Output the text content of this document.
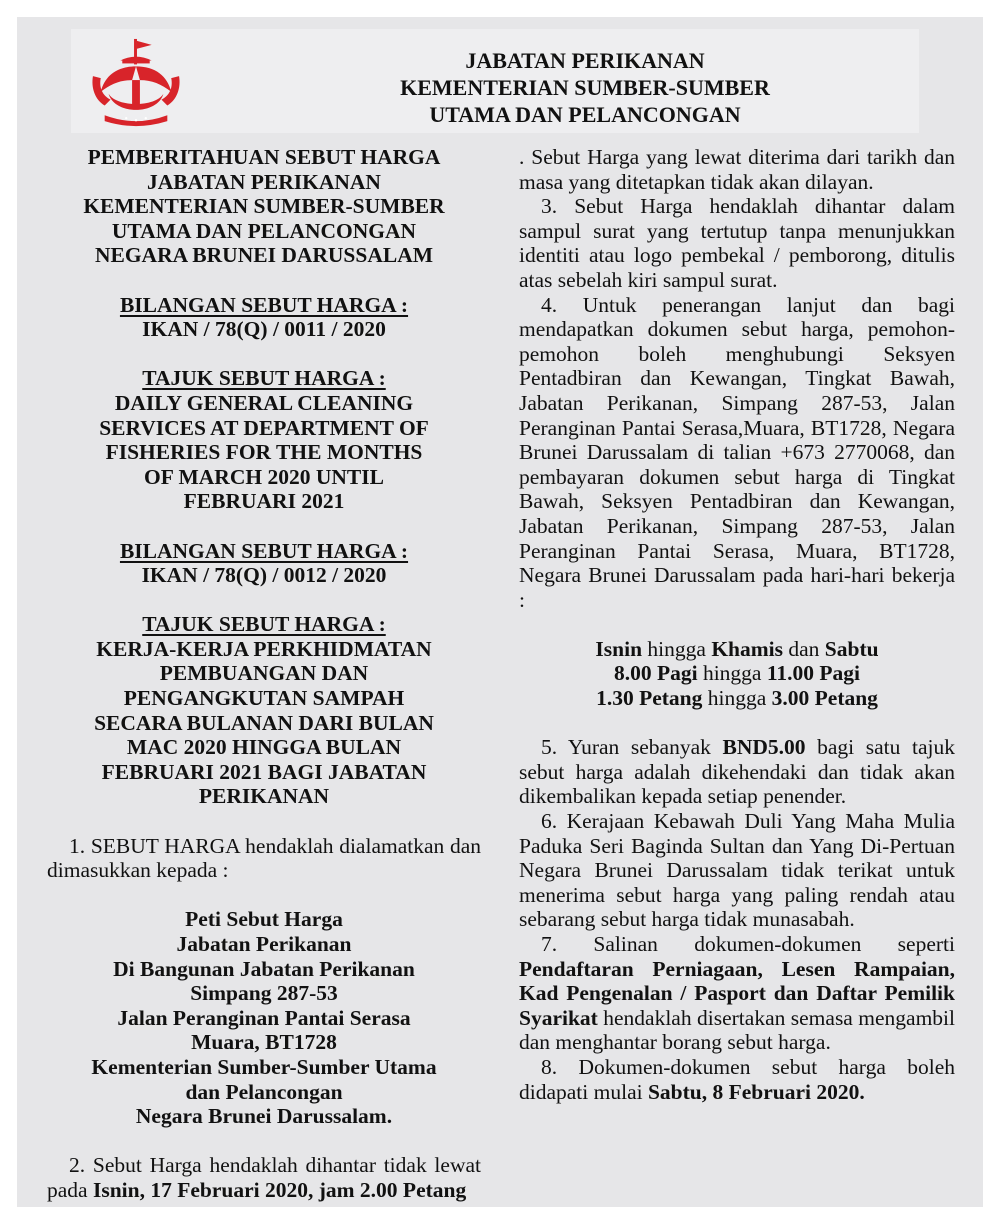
JABATAN PERIKANAN
KEMENTERIAN SUMBER-SUMBER
UTAMA DAN PELANCONGAN
PEMBERITAHUAN SEBUT HARGA
JABATAN PERIKANAN
KEMENTERIAN SUMBER-SUMBER
UTAMA DAN PELANCONGAN
NEGARA BRUNEI DARUSSALAM
BILANGAN SEBUT HARGA :
IKAN / 78(Q) / 0011 / 2020
TAJUK SEBUT HARGA :
DAILY GENERAL CLEANING
SERVICES AT DEPARTMENT OF
FISHERIES FOR THE MONTHS
OF MARCH 2020 UNTIL
FEBRUARI 2021
BILANGAN SEBUT HARGA :
IKAN / 78(Q) / 0012 / 2020
TAJUK SEBUT HARGA :
KERJA-KERJA PERKHIDMATAN
PEMBUANGAN DAN
PENGANGKUTAN SAMPAH
SECARA BULANAN DARI BULAN
MAC 2020 HINGGA BULAN
FEBRUARI 2021 BAGI JABATAN
PERIKANAN

1. SEBUT HARGA hendaklah dialamatkan dan dimasukkan kepada :

Peti Sebut Harga
Jabatan Perikanan
Di Bangunan Jabatan Perikanan
Simpang 287-53
Jalan Peranginan Pantai Serasa
Muara, BT1728
Kementerian Sumber-Sumber Utama
dan Pelancongan
Negara Brunei Darussalam.

2. Sebut Harga hendaklah dihantar tidak lewat pada Isnin, 17 Februari 2020, jam 2.00 Petang

. Sebut Harga yang lewat diterima dari tarikh dan masa yang ditetapkan tidak akan dilayan.

3. Sebut Harga hendaklah dihantar dalam sampul surat yang tertutup tanpa menunjukkan identiti atau logo pembekal / pemborong, ditulis atas sebelah kiri sampul surat.

4. Untuk penerangan lanjut dan bagi mendapatkan dokumen sebut harga, pemohon-pemohon boleh menghubungi Seksyen Pentadbiran dan Kewangan, Tingkat Bawah, Jabatan Perikanan, Simpang 287-53, Jalan Peranginan Pantai Serasa,Muara, BT1728, Negara Brunei Darussalam di talian +673 2770068, dan pembayaran dokumen sebut harga di Tingkat Bawah, Seksyen Pentadbiran dan Kewangan, Jabatan Perikanan, Simpang 287-53, Jalan Peranginan Pantai Serasa, Muara, BT1728, Negara Brunei Darussalam pada hari-hari bekerja :

Isnin hingga Khamis dan Sabtu
8.00 Pagi hingga 11.00 Pagi
1.30 Petang hingga 3.00 Petang

5. Yuran sebanyak BND5.00 bagi satu tajuk sebut harga adalah dikehendaki dan tidak akan dikembalikan kepada setiap penender.

6. Kerajaan Kebawah Duli Yang Maha Mulia Paduka Seri Baginda Sultan dan Yang Di-Pertuan Negara Brunei Darussalam tidak terikat untuk menerima sebut harga yang paling rendah atau sebarang sebut harga tidak munasabah.

7. Salinan dokumen-dokumen seperti Pendaftaran Perniagaan, Lesen Rampaian, Kad Pengenalan / Pasport dan Daftar Pemilik Syarikat hendaklah disertakan semasa mengambil dan menghantar borang sebut harga.

8. Dokumen-dokumen sebut harga boleh didapati mulai Sabtu, 8 Februari 2020.
